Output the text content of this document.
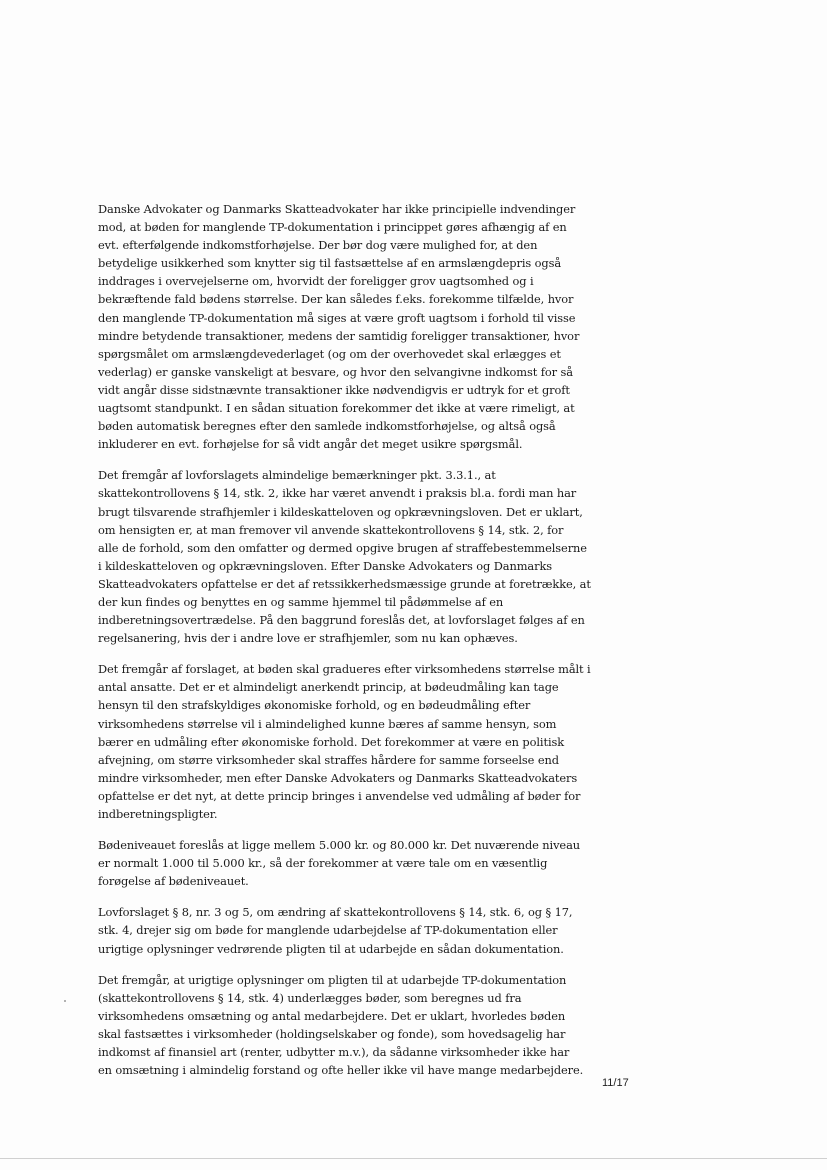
Danske Advokater og Danmarks Skatteadvokater har ikke principielle indvendinger
mod, at bøden for manglende TP-dokumentation i princippet gøres afhængig af en
evt. efterfølgende indkomstforhøjelse. Der bør dog være mulighed for, at den
betydelige usikkerhed som knytter sig til fastsættelse af en armslængdepris også
inddrages i overvejelserne om, hvorvidt der foreligger grov uagtsomhed og i
bekræftende fald bødens størrelse. Der kan således f.eks. forekomme tilfælde, hvor
den manglende TP-dokumentation må siges at være groft uagtsom i forhold til visse
mindre betydende transaktioner, medens der samtidig foreligger transaktioner, hvor
spørgsmålet om armslængdevederlaget (og om der overhovedet skal erlægges et
vederlag) er ganske vanskeligt at besvare, og hvor den selvangivne indkomst for så
vidt angår disse sidstnævnte transaktioner ikke nødvendigvis er udtryk for et groft
uagtsomt standpunkt. I en sådan situation forekommer det ikke at være rimeligt, at
bøden automatisk beregnes efter den samlede indkomstforhøjelse, og altså også
inkluderer en evt. forhøjelse for så vidt angår det meget usikre spørgsmål.
Det fremgår af lovforslagets almindelige bemærkninger pkt. 3.3.1., at
skattekontrollovens § 14, stk. 2, ikke har været anvendt i praksis bl.a. fordi man har
brugt tilsvarende strafhjemler i kildeskatteloven og opkrævningsloven. Det er uklart,
om hensigten er, at man fremover vil anvende skattekontrollovens § 14, stk. 2, for
alle de forhold, som den omfatter og dermed opgive brugen af straffebestemmelserne
i kildeskatteloven og opkrævningsloven. Efter Danske Advokaters og Danmarks
Skatteadvokaters opfattelse er det af retssikkerhedsmæssige grunde at foretrække, at
der kun findes og benyttes en og samme hjemmel til pådømmelse af en
indberetningsovertrædelse. På den baggrund foreslås det, at lovforslaget følges af en
regelsanering, hvis der i andre love er strafhjemler, som nu kan ophæves.
Det fremgår af forslaget, at bøden skal gradueres efter virksomhedens størrelse målt i
antal ansatte. Det er et almindeligt anerkendt princip, at bødeudmåling kan tage
hensyn til den strafskyldiges økonomiske forhold, og en bødeudmåling efter
virksomhedens størrelse vil i almindelighed kunne bæres af samme hensyn, som
bærer en udmåling efter økonomiske forhold. Det forekommer at være en politisk
afvejning, om større virksomheder skal straffes hårdere for samme forseelse end
mindre virksomheder, men efter Danske Advokaters og Danmarks Skatteadvokaters
opfattelse er det nyt, at dette princip bringes i anvendelse ved udmåling af bøder for
indberetningspligter.
Bødeniveauet foreslås at ligge mellem 5.000 kr. og 80.000 kr. Det nuværende niveau
er normalt 1.000 til 5.000 kr., så der forekommer at være tale om en væsentlig
forøgelse af bødeniveauet.
Lovforslaget § 8, nr. 3 og 5, om ændring af skattekontrollovens § 14, stk. 6, og § 17,
stk. 4, drejer sig om bøde for manglende udarbejdelse af TP-dokumentation eller
urigtige oplysninger vedrørende pligten til at udarbejde en sådan dokumentation.
Det fremgår, at urigtige oplysninger om pligten til at udarbejde TP-dokumentation
(skattekontrollovens § 14, stk. 4) underlægges bøder, som beregnes ud fra
virksomhedens omsætning og antal medarbejdere. Det er uklart, hvorledes bøden
skal fastsættes i virksomheder (holdingselskaber og fonde), som hovedsagelig har
indkomst af finansiel art (renter, udbytter m.v.), da sådanne virksomheder ikke har
en omsætning i almindelig forstand og ofte heller ikke vil have mange medarbejdere.
11/17
